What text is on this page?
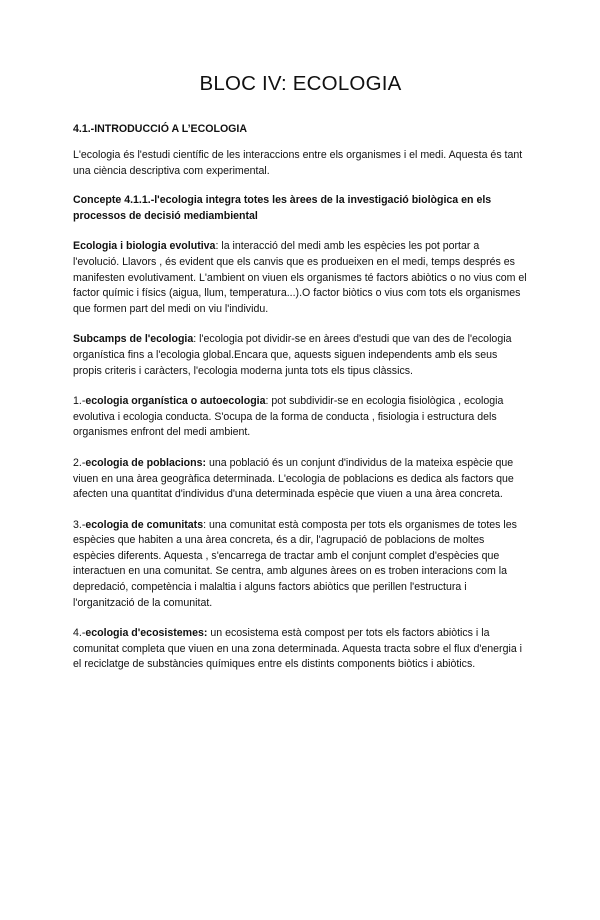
BLOC IV: ECOLOGIA
4.1.-INTRODUCCIÓ A L’ECOLOGIA

L'ecologia és l'estudi científic de les interaccions entre els organismes i el medi. Aquesta és tant una ciència descriptiva com experimental.

Concepte 4.1.1.-l'ecologia integra totes les àrees de la investigació biològica en els processos de decisió mediambiental

Ecologia i biologia evolutiva: la interacció del medi amb les espècies les pot portar a l'evolució. Llavors , és evident que els canvis que es produeixen en el medi, temps després es manifesten evolutivament. L'ambient on viuen els organismes té factors abiòtics o no vius com el factor químic i físics (aigua, llum, temperatura...).O factor biòtics o vius com tots els organismes que formen part del medi on viu l'individu.

Subcamps de l'ecologia: l'ecologia pot dividir-se en àrees d'estudi que van des de l'ecologia organística fins a l'ecologia global.Encara que, aquests siguen independents amb els seus propis criteris i caràcters, l'ecologia moderna junta tots els tipus clàssics.

1.-ecologia organística o autoecologia: pot subdividir-se en ecologia fisiològica , ecologia evolutiva i ecologia conducta. S'ocupa de la forma de conducta , fisiologia i estructura dels organismes enfront del medi ambient.

2.-ecologia de poblacions: una població és un conjunt d'individus de la mateixa espècie que viuen en una àrea geogràfica determinada. L'ecologia de poblacions es dedica als factors que afecten una quantitat d'individus d'una determinada espècie que viuen a una àrea concreta.

3.-ecologia de comunitats: una comunitat està composta per tots els organismes de totes les espècies que habiten a una àrea concreta, és a dir, l'agrupació de poblacions de moltes espècies diferents. Aquesta , s'encarrega de tractar amb el conjunt complet d'espècies que interactuen en una comunitat. Se centra, amb algunes àrees on es troben interacions com la depredació, competència i malaltia i alguns factors abiòtics que perillen l'estructura i l'organització de la comunitat.

4.-ecologia d'ecosistemes: un ecosistema està compost per tots els factors abiòtics i la comunitat completa que viuen en una zona determinada. Aquesta tracta sobre el flux d'energia i el reciclatge de substàncies químiques entre els distints components biòtics i abiòtics.
